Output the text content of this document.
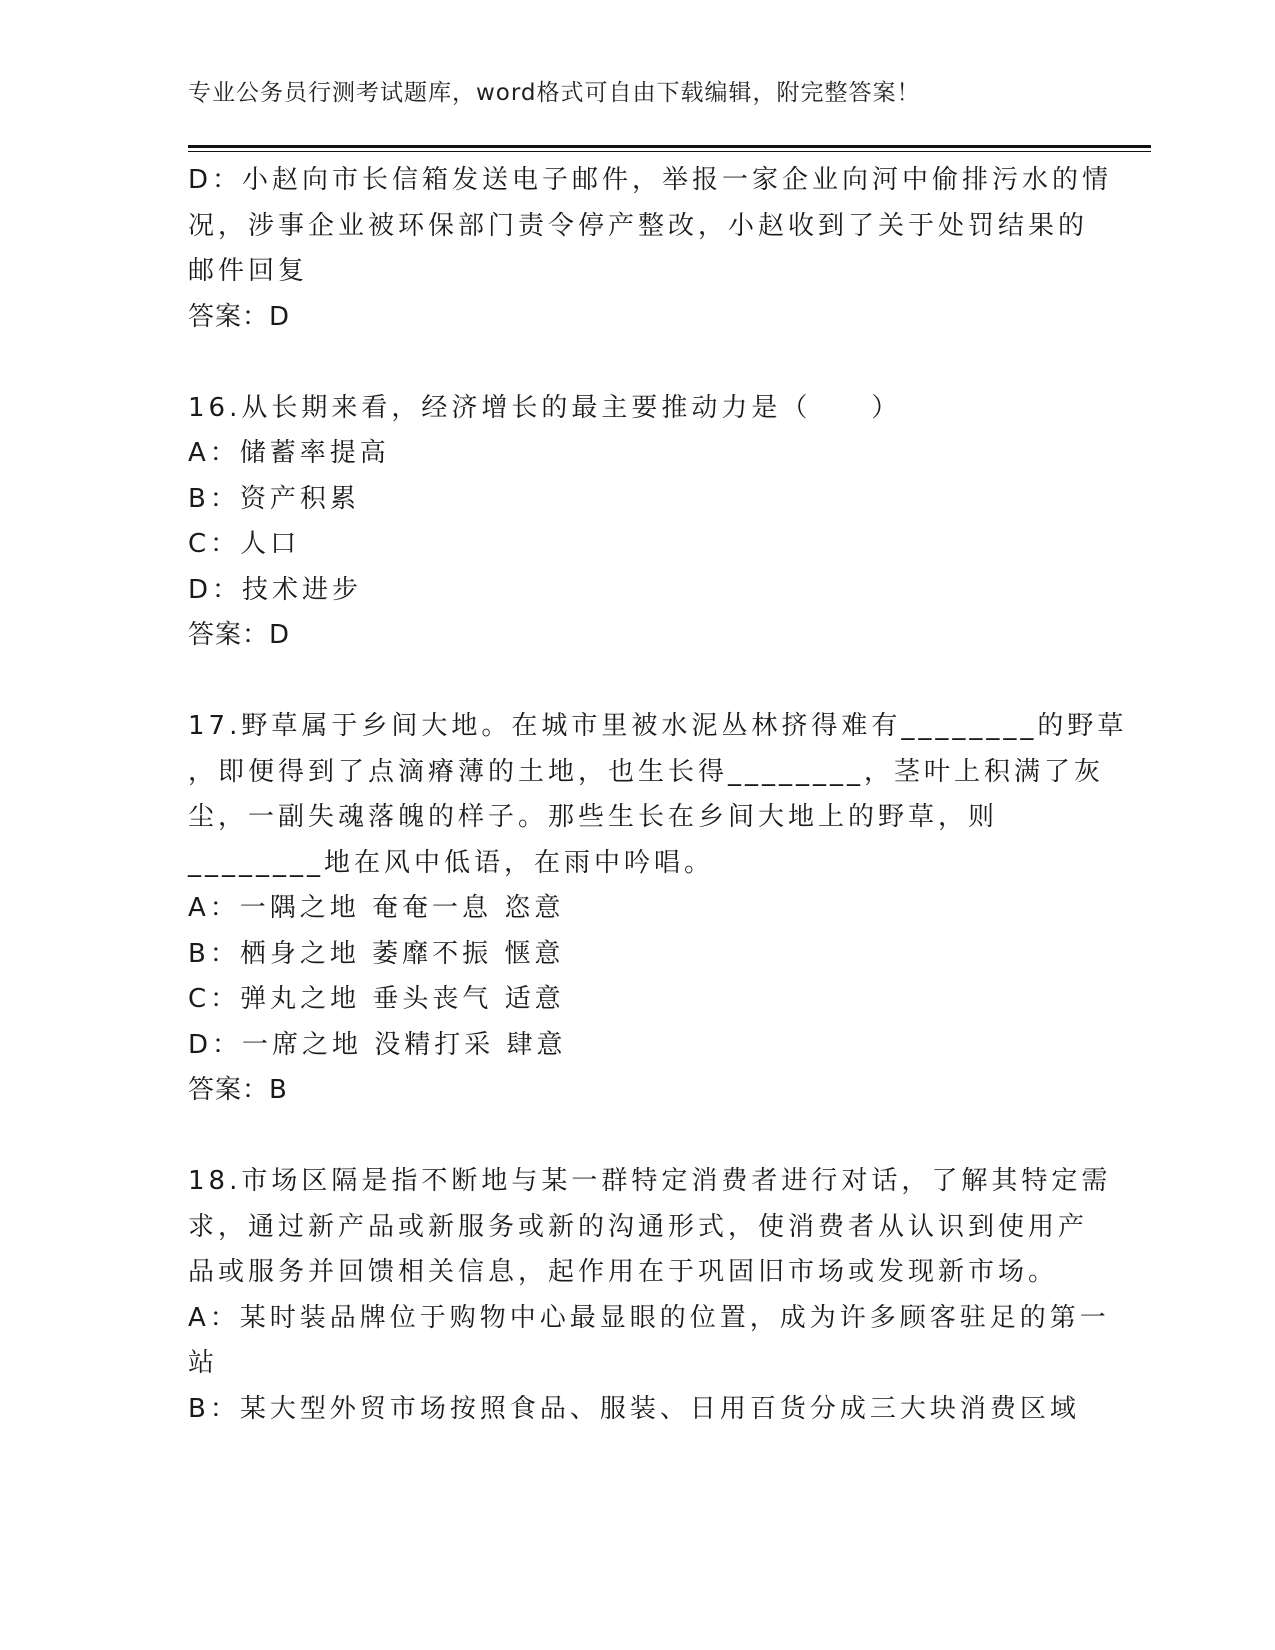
专业公务员行测考试题库，word格式可自由下载编辑，附完整答案！
D：小赵向市长信箱发送电子邮件，举报一家企业向河中偷排污水的情
况，涉事企业被环保部门责令停产整改，小赵收到了关于处罚结果的
邮件回复
答案：D
16.从长期来看，经济增长的最主要推动力是（　　）
A：储蓄率提高
B：资产积累
C：人口
D：技术进步
答案：D
17.野草属于乡间大地。在城市里被水泥丛林挤得难有________的野草
，即便得到了点滴瘠薄的土地，也生长得________，茎叶上积满了灰
尘，一副失魂落魄的样子。那些生长在乡间大地上的野草，则
________地在风中低语，在雨中吟唱。
A：一隅之地 奄奄一息 恣意
B：栖身之地 萎靡不振 惬意
C：弹丸之地 垂头丧气 适意
D：一席之地 没精打采 肆意
答案：B
18.市场区隔是指不断地与某一群特定消费者进行对话，了解其特定需
求，通过新产品或新服务或新的沟通形式，使消费者从认识到使用产
品或服务并回馈相关信息，起作用在于巩固旧市场或发现新市场。
A：某时装品牌位于购物中心最显眼的位置，成为许多顾客驻足的第一
站
B：某大型外贸市场按照食品、服装、日用百货分成三大块消费区域
